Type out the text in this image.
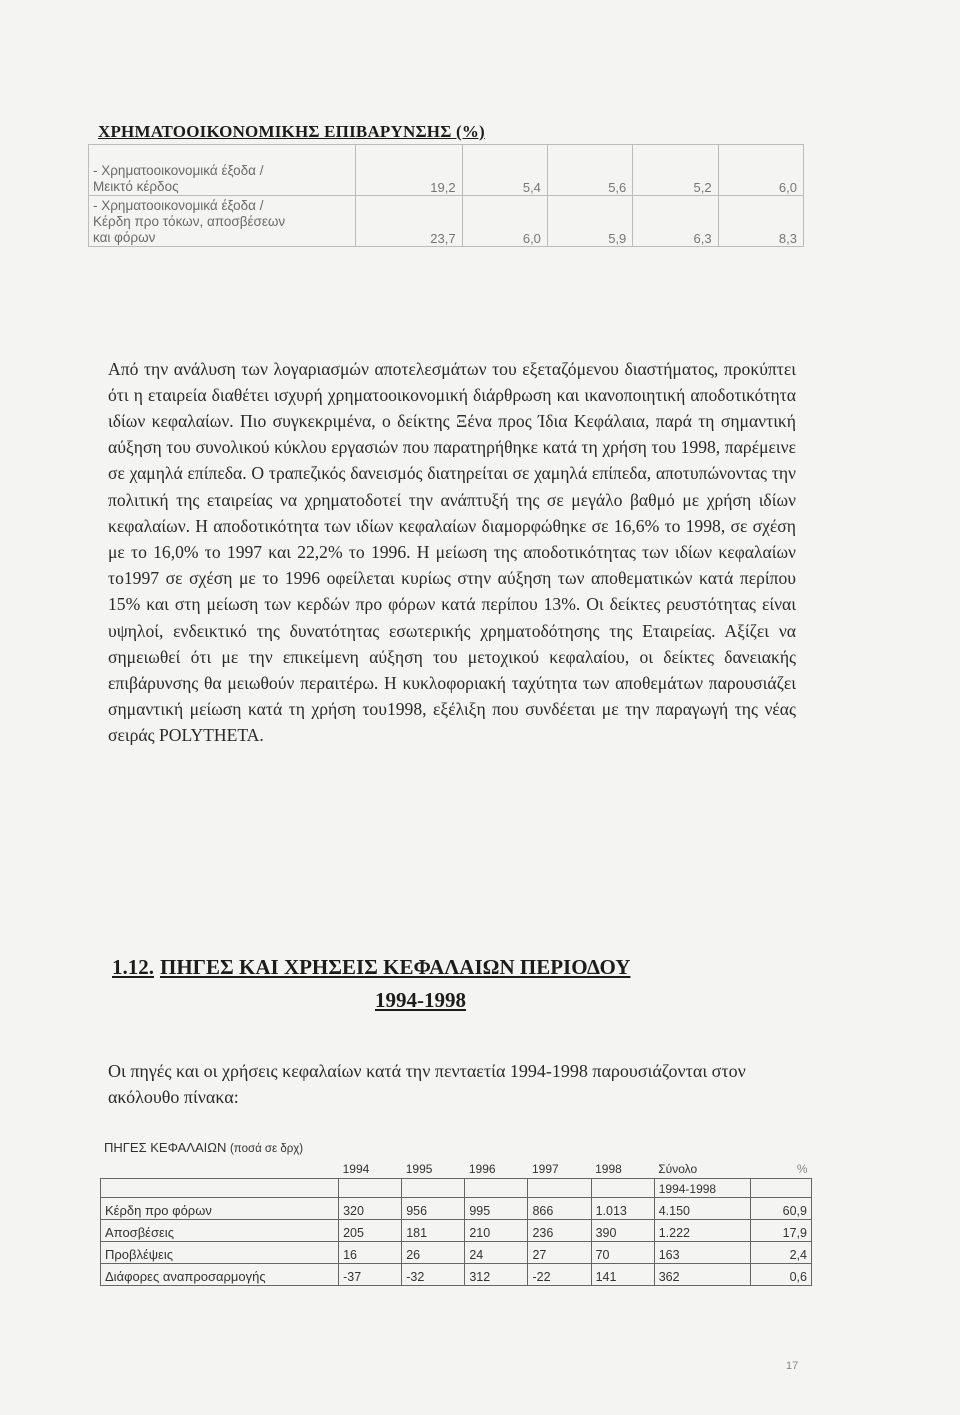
ΧΡΗΜΑΤΟΟΙΚΟΝΟΜΙΚΗΣ ΕΠΙΒΑΡΥΝΣΗΣ (%)
- Χρηματοοικονομικά έξοδα /
Μεικτό κέρδος	19,2	5,4	5,6	5,2	6,0

- Χρηματοοικονομικά έξοδα /
Κέρδη προ τόκων, αποσβέσεων
και φόρων	23,7	6,0	5,9	6,3	8,3

Από την ανάλυση των λογαριασμών αποτελεσμάτων του εξεταζόμενου διαστήματος, προκύπτει ότι η εταιρεία διαθέτει ισχυρή χρηματοοικονομική διάρθρωση και ικανοποιητική αποδοτικότητα ιδίων κεφαλαίων. Πιο συγκεκριμένα, ο δείκτης Ξένα προς Ίδια Κεφάλαια, παρά τη σημαντική αύξηση του συνολικού κύκλου εργασιών που παρατηρήθηκε κατά τη χρήση του 1998, παρέμεινε σε χαμηλά επίπεδα. Ο τραπεζικός δανεισμός διατηρείται σε χαμηλά επίπεδα, αποτυπώνοντας την πολιτική της εταιρείας να χρηματοδοτεί την ανάπτυξή της σε μεγάλο βαθμό με χρήση ιδίων κεφαλαίων. Η αποδοτικότητα των ιδίων κεφαλαίων διαμορφώθηκε σε 16,6% το 1998, σε σχέση με το 16,0% το 1997 και 22,2% το 1996. Η μείωση της αποδοτικότητας των ιδίων κεφαλαίων το1997 σε σχέση με το 1996 οφείλεται κυρίως στην αύξηση των αποθεματικών κατά περίπου 15% και στη μείωση των κερδών προ φόρων κατά περίπου 13%. Οι δείκτες ρευστότητας είναι υψηλοί, ενδεικτικό της δυνατότητας εσωτερικής χρηματοδότησης της Εταιρείας. Αξίζει να σημειωθεί ότι με την επικείμενη αύξηση του μετοχικού κεφαλαίου, οι δείκτες δανειακής επιβάρυνσης θα μειωθούν περαιτέρω. Η κυκλοφοριακή ταχύτητα των αποθεμάτων παρουσιάζει σημαντική μείωση κατά τη χρήση του1998, εξέλιξη που συνδέεται με την παραγωγή της νέας σειράς POLYTHETA.

1.12. ΠΗΓΕΣ ΚΑΙ ΧΡΗΣΕΙΣ ΚΕΦΑΛΑΙΩΝ ΠΕΡΙΟΔΟΥ
1994-1998

Οι πηγές και οι χρήσεις κεφαλαίων κατά την πενταετία 1994-1998 παρουσιάζονται στον ακόλουθο πίνακα:

ΠΗΓΕΣ ΚΕΦΑΛΑΙΩΝ (ποσά σε δρχ)
	1994	1995	1996	1997	1998	Σύνολο	%
						1994-1998	
Κέρδη προ φόρων	320	956	995	866	1.013	4.150	60,9
Αποσβέσεις	205	181	210	236	390	1.222	17,9
Προβλέψεις	16	26	24	27	70	163	2,4
Διάφορες αναπροσαρμογής	-37	-32	312	-22	141	362	0,6
17
